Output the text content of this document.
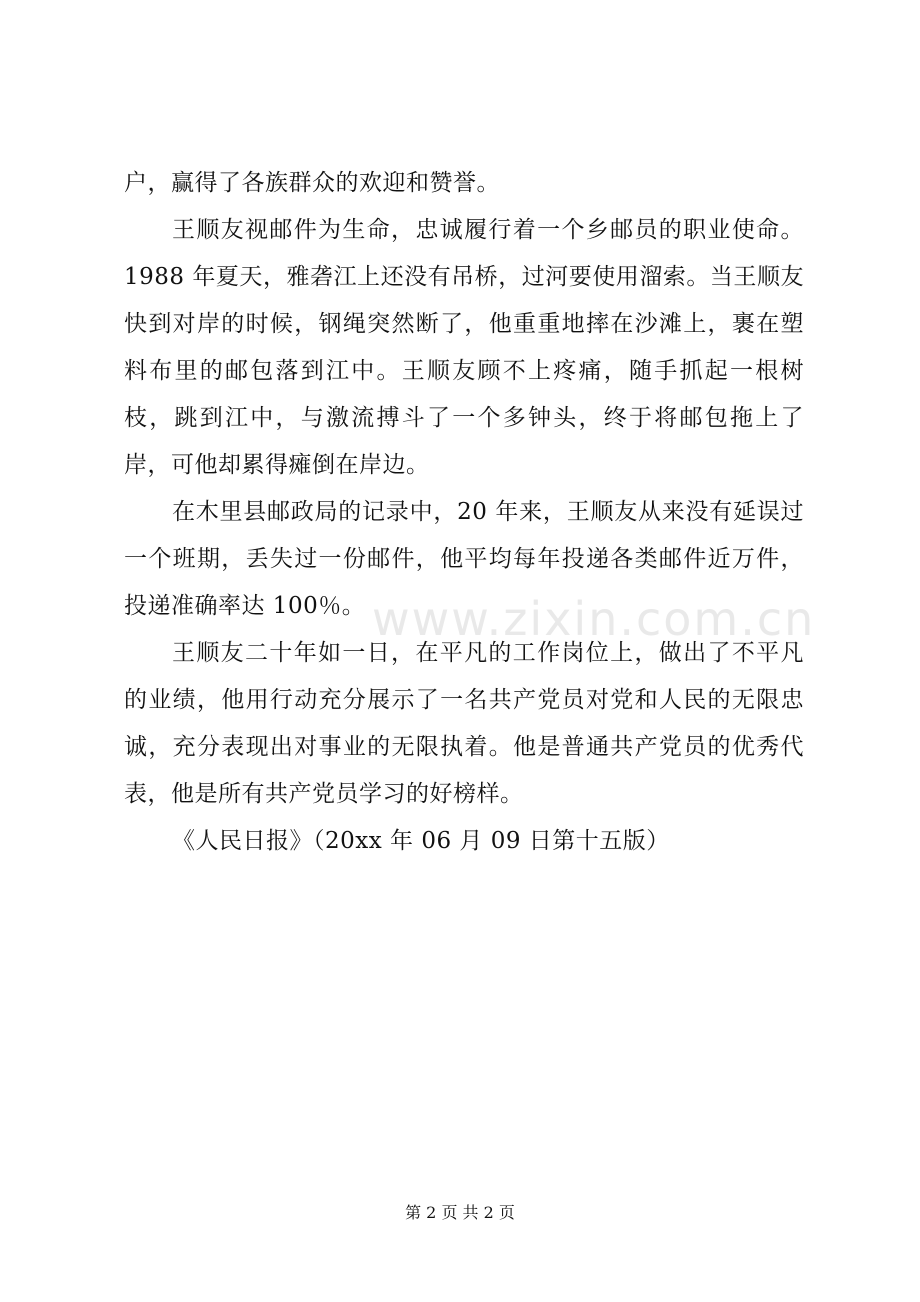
www.zixin.com.cn

户，赢得了各族群众的欢迎和赞誉。

王顺友视邮件为生命，忠诚履行着一个乡邮员的职业使命。1988 年夏天，雅砻江上还没有吊桥，过河要使用溜索。当王顺友快到对岸的时候，钢绳突然断了，他重重地摔在沙滩上，裹在塑料布里的邮包落到江中。王顺友顾不上疼痛，随手抓起一根树枝，跳到江中，与激流搏斗了一个多钟头，终于将邮包拖上了岸，可他却累得瘫倒在岸边。

在木里县邮政局的记录中，20 年来，王顺友从来没有延误过一个班期，丢失过一份邮件，他平均每年投递各类邮件近万件，投递准确率达 100％。

王顺友二十年如一日，在平凡的工作岗位上，做出了不平凡的业绩，他用行动充分展示了一名共产党员对党和人民的无限忠诚，充分表现出对事业的无限执着。他是普通共产党员的优秀代表，他是所有共产党员学习的好榜样。

《人民日报》（20xx 年 06 月 09 日第十五版）

第 2 页 共 2 页
